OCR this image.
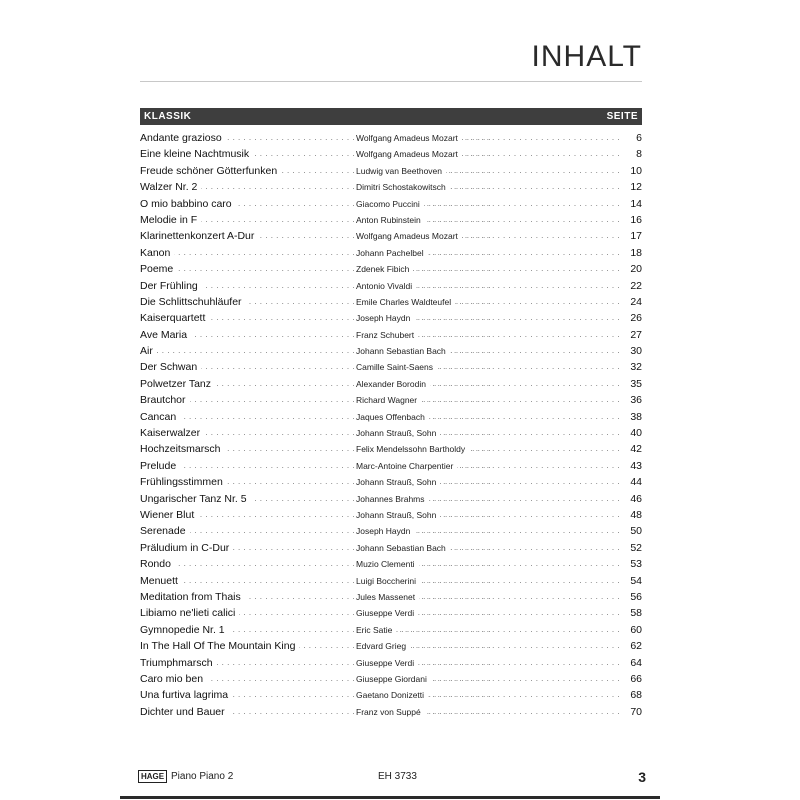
INHALT
KLASSIK	SEITE
. . .
. . .
Andante grazioso	Wolfgang Amadeus Mozart	6
. . .
. . .
Eine kleine Nachtmusik	Wolfgang Amadeus Mozart	8
. . .
. . .
Freude schöner Götterfunken	Ludwig van Beethoven	10
. . .
. . .
Walzer Nr. 2	Dimitri Schostakowitsch	12
. . .
. . .
O mio babbino caro	Giacomo Puccini	14
. . .
. . .
Melodie in F	Anton Rubinstein	16
. . .
. . .
Klarinettenkonzert A-Dur	Wolfgang Amadeus Mozart	17
. . .
. . .
Kanon	Johann Pachelbel	18
. . .
. . .
Poeme	Zdenek Fibich	20
. . .
. . .
Der Frühling	Antonio Vivaldi	22
. . .
. . .
Die Schlittschuhläufer	Emile Charles Waldteufel	24
. . .
. . .
Kaiserquartett	Joseph Haydn	26
. . .
. . .
Ave Maria	Franz Schubert	27
. . .
. . .
Air	Johann Sebastian Bach	30
. . .
. . .
Der Schwan	Camille Saint-Saens	32
. . .
. . .
Polwetzer Tanz	Alexander Borodin	35
. . .
. . .
Brautchor	Richard Wagner	36
. . .
. . .
Cancan	Jaques Offenbach	38
. . .
. . .
Kaiserwalzer	Johann Strauß, Sohn	40
. . .
. . .
Hochzeitsmarsch	Felix Mendelssohn Bartholdy	42
. . .
. . .
Prelude	Marc-Antoine Charpentier	43
. . .
. . .
Frühlingsstimmen	Johann Strauß, Sohn	44
. . .
. . .
Ungarischer Tanz Nr. 5	Johannes Brahms	46
. . .
. . .
Wiener Blut	Johann Strauß, Sohn	48
. . .
. . .
Serenade	Joseph Haydn	50
. . .
. . .
Präludium in C-Dur	Johann Sebastian Bach	52
. . .
. . .
Rondo	Muzio Clementi	53
. . .
. . .
Menuett	Luigi Boccherini	54
. . .
. . .
Meditation from Thais	Jules Massenet	56
. . .
. . .
Libiamo ne'lieti calici	Giuseppe Verdi	58
. . .
. . .
Gymnopedie Nr. 1	Eric Satie	60
. . .
. . .
In The Hall Of The Mountain King	Edvard Grieg	62
. . .
. . .
Triumphmarsch	Giuseppe Verdi	64
. . .
. . .
Caro mio ben	Giuseppe Giordani	66
. . .
. . .
Una furtiva lagrima	Gaetano Donizetti	68
. . .
. . .
Dichter und Bauer	Franz von Suppé	70
HAGE Piano Piano 2	EH 3733	3
